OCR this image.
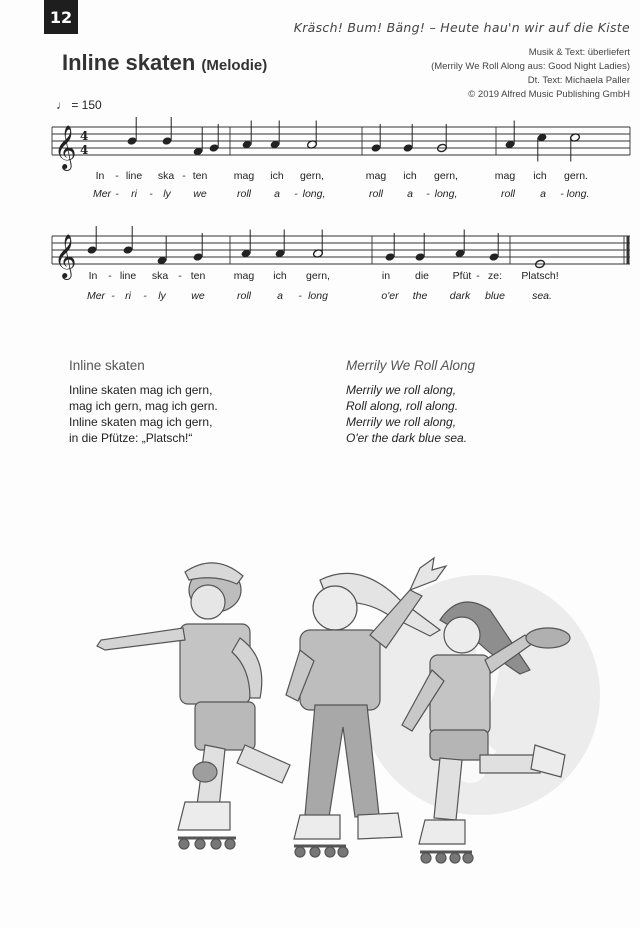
12
Kräsch! Bum! Bäng! – Heute hau'n wir auf die Kiste
Inline skaten (Melodie)
Musik & Text: überliefert
(Merrily We Roll Along aus: Good Night Ladies)
Dt. Text: Michaela Paller
© 2019 Alfred Music Publishing GmbH
♩ = 150
𝄞 4
4
𝄞
In - line ska - ten	mag ich gern,	mag ich gern,	mag ich gern.
Mer - ri - ly we	roll a - long,	roll a - long,	roll a - long.
In - line ska - ten	mag ich gern,	in die Pfüt - ze: Platsch!
Mer - ri - ly we	roll a - long	o'er the dark blue	sea.
Inline skaten

Inline skaten mag ich gern,

mag ich gern, mag ich gern.

Inline skaten mag ich gern,

in die Pfütze: „Platsch!“

Merrily We Roll Along

Merrily we roll along,

Roll along, roll along.

Merrily we roll along,

O'er the dark blue sea.
